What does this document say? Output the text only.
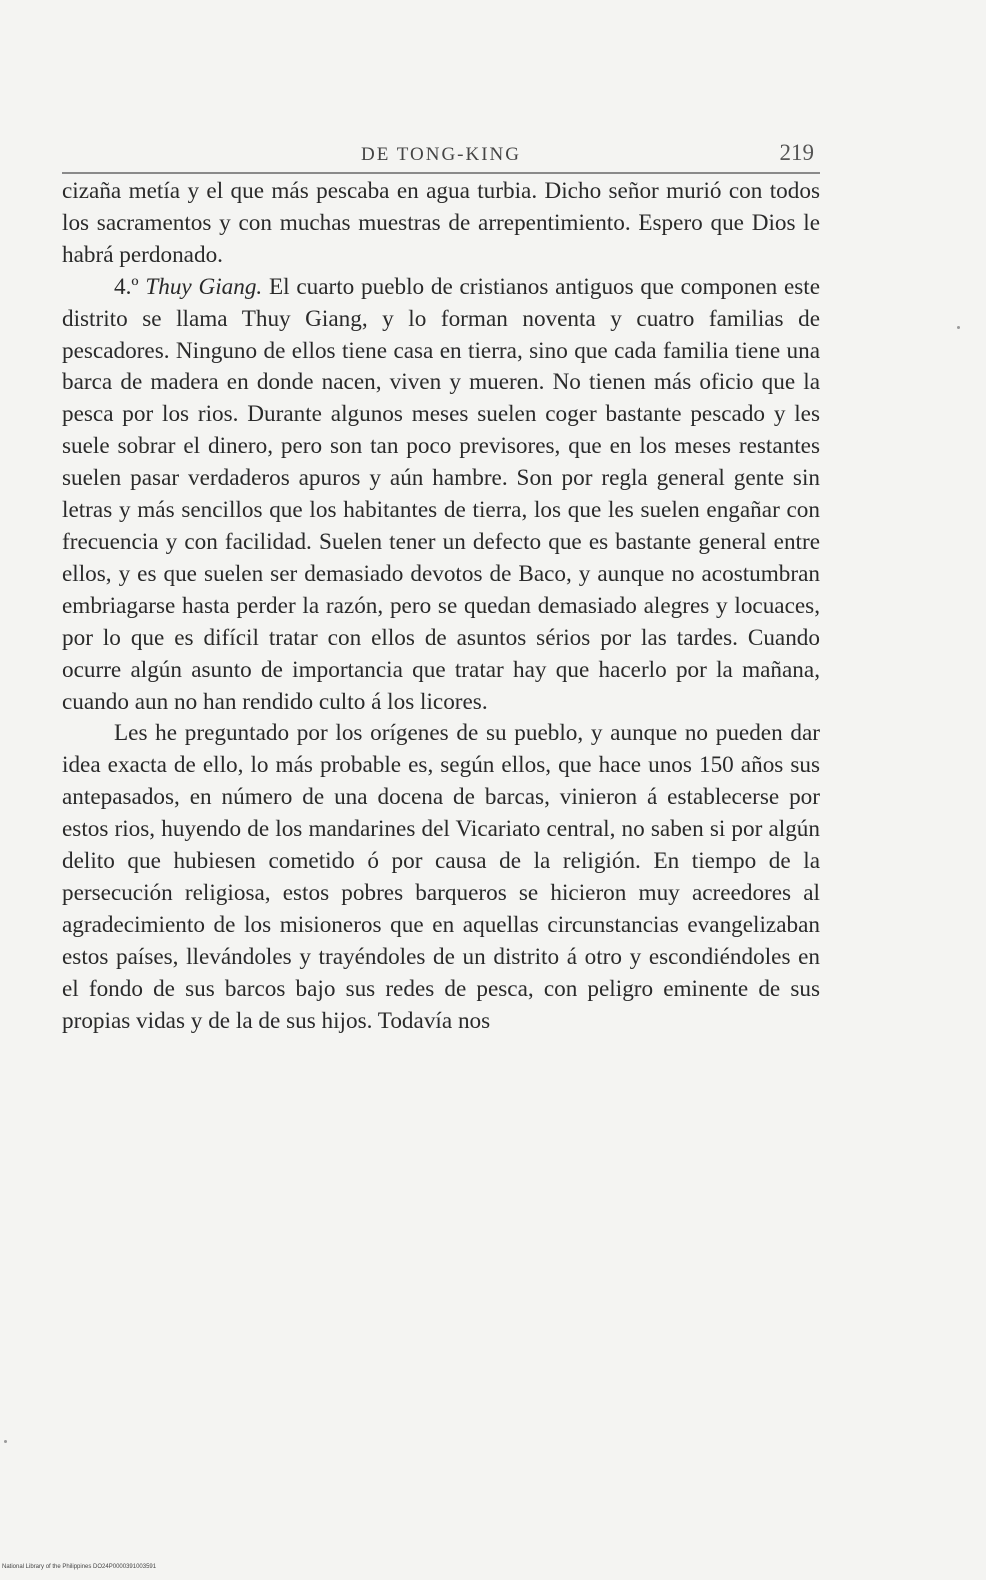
DE TONG-KING	219

cizaña metía y el que más pescaba en agua turbia. Dicho señor murió con todos los sacramentos y con muchas muestras de arrepentimiento. Espero que Dios le habrá perdonado.

4.º Thuy Giang. El cuarto pueblo de cristianos antiguos que componen este distrito se llama Thuy Giang, y lo forman noventa y cuatro familias de pescadores. Ninguno de ellos tiene casa en tierra, sino que cada familia tiene una barca de madera en donde nacen, viven y mueren. No tienen más oficio que la pesca por los rios. Durante algunos meses suelen coger bastante pescado y les suele sobrar el dinero, pero son tan poco previsores, que en los meses restantes suelen pasar verdaderos apuros y aún hambre. Son por regla general gente sin letras y más sencillos que los habitantes de tierra, los que les suelen engañar con frecuencia y con facilidad. Suelen tener un defecto que es bastante general entre ellos, y es que suelen ser demasiado devotos de Baco, y aunque no acostumbran embriagarse hasta perder la razón, pero se quedan demasiado alegres y locuaces, por lo que es difícil tratar con ellos de asuntos sérios por las tardes. Cuando ocurre algún asunto de importancia que tratar hay que hacerlo por la mañana, cuando aun no han rendido culto á los licores.

Les he preguntado por los orígenes de su pueblo, y aunque no pueden dar idea exacta de ello, lo más probable es, según ellos, que hace unos 150 años sus antepasados, en número de una docena de barcas, vinieron á establecerse por estos rios, huyendo de los mandarines del Vicariato central, no saben si por algún delito que hubiesen cometido ó por causa de la religión. En tiempo de la persecución religiosa, estos pobres barqueros se hicieron muy acreedores al agradecimiento de los misioneros que en aquellas circunstancias evangelizaban estos países, llevándoles y trayéndoles de un distrito á otro y escondiéndoles en el fondo de sus barcos bajo sus redes de pesca, con peligro eminente de sus propias vidas y de la de sus hijos. Todavía nos

National Library of the Philippines DO24P0000391003591
